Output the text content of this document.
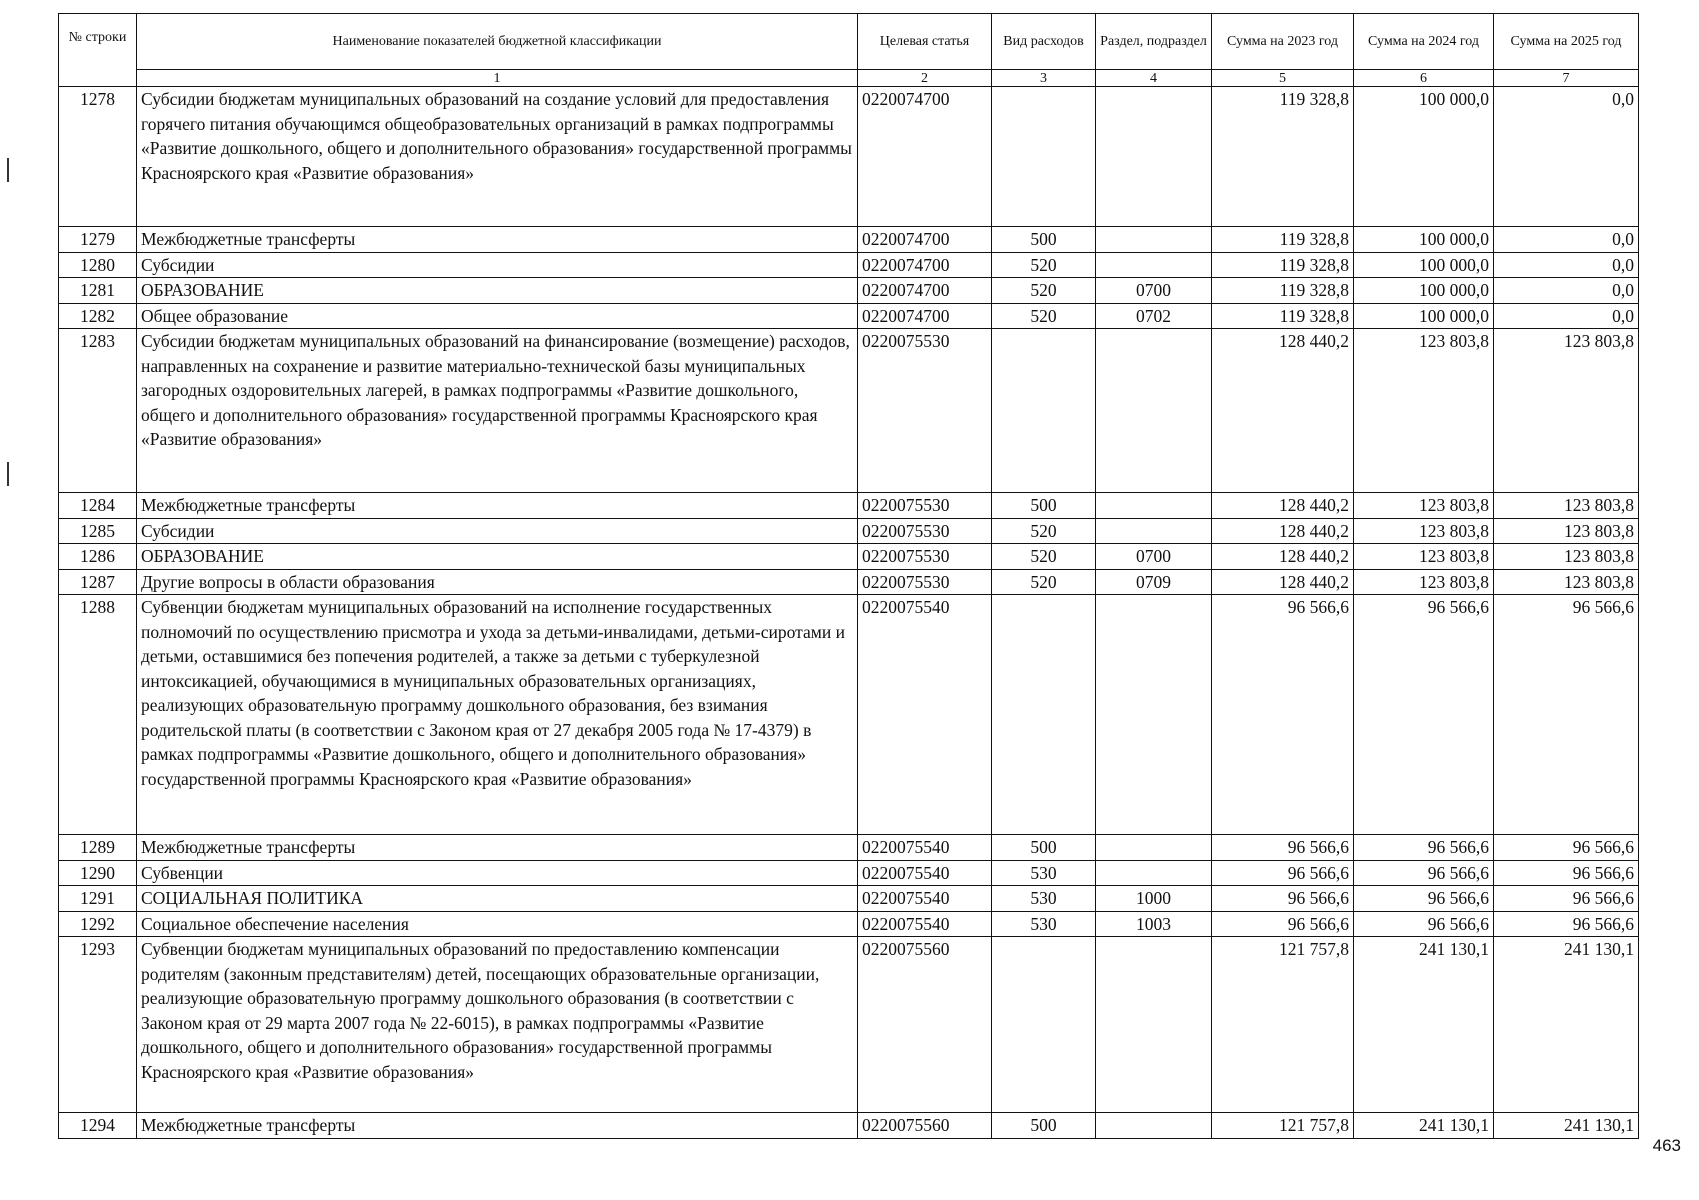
№ строки	Наименование показателей бюджетной классификации	Целевая статья	Вид расходов	Раздел, подраздел	Сумма на 2023 год	Сумма на 2024 год	Сумма на 2025 год
	1	2	3	4	5	6	7
1278	Субсидии бюджетам муниципальных образований на создание условий для предоставления горячего питания обучающимся общеобразовательных организаций в рамках подпрограммы «Развитие дошкольного, общего и дополнительного образования» государственной программы Красноярского края «Развитие образования»	0220074700			119 328,8	100 000,0	0,0
1279	Межбюджетные трансферты	0220074700	500		119 328,8	100 000,0	0,0
1280	Субсидии	0220074700	520		119 328,8	100 000,0	0,0
1281	ОБРАЗОВАНИЕ	0220074700	520	0700	119 328,8	100 000,0	0,0
1282	Общее образование	0220074700	520	0702	119 328,8	100 000,0	0,0
1283	Субсидии бюджетам муниципальных образований на финансирование (возмещение) расходов, направленных на сохранение и развитие материально-технической базы муниципальных загородных оздоровительных лагерей, в рамках подпрограммы «Развитие дошкольного, общего и дополнительного образования» государственной программы Красноярского края «Развитие образования»	0220075530			128 440,2	123 803,8	123 803,8
1284	Межбюджетные трансферты	0220075530	500		128 440,2	123 803,8	123 803,8
1285	Субсидии	0220075530	520		128 440,2	123 803,8	123 803,8
1286	ОБРАЗОВАНИЕ	0220075530	520	0700	128 440,2	123 803,8	123 803,8
1287	Другие вопросы в области образования	0220075530	520	0709	128 440,2	123 803,8	123 803,8
1288	Субвенции бюджетам муниципальных образований на исполнение государственных полномочий по осуществлению присмотра и ухода за детьми-инвалидами, детьми-сиротами и детьми, оставшимися без попечения родителей, а также за детьми с туберкулезной интоксикацией, обучающимися в муниципальных образовательных организациях, реализующих образовательную программу дошкольного образования, без взимания родительской платы (в соответствии с Законом края от 27 декабря 2005 года № 17-4379) в рамках подпрограммы «Развитие дошкольного, общего и дополнительного образования» государственной программы Красноярского края «Развитие образования»	0220075540			96 566,6	96 566,6	96 566,6
1289	Межбюджетные трансферты	0220075540	500		96 566,6	96 566,6	96 566,6
1290	Субвенции	0220075540	530		96 566,6	96 566,6	96 566,6
1291	СОЦИАЛЬНАЯ ПОЛИТИКА	0220075540	530	1000	96 566,6	96 566,6	96 566,6
1292	Социальное обеспечение населения	0220075540	530	1003	96 566,6	96 566,6	96 566,6
1293	Субвенции бюджетам муниципальных образований по предоставлению компенсации родителям (законным представителям) детей, посещающих образовательные организации, реализующие образовательную программу дошкольного образования (в соответствии с Законом края от 29 марта 2007 года № 22-6015), в рамках подпрограммы «Развитие дошкольного, общего и дополнительного образования» государственной программы Красноярского края «Развитие образования»	0220075560			121 757,8	241 130,1	241 130,1
1294	Межбюджетные трансферты	0220075560	500		121 757,8	241 130,1	241 130,1
463
